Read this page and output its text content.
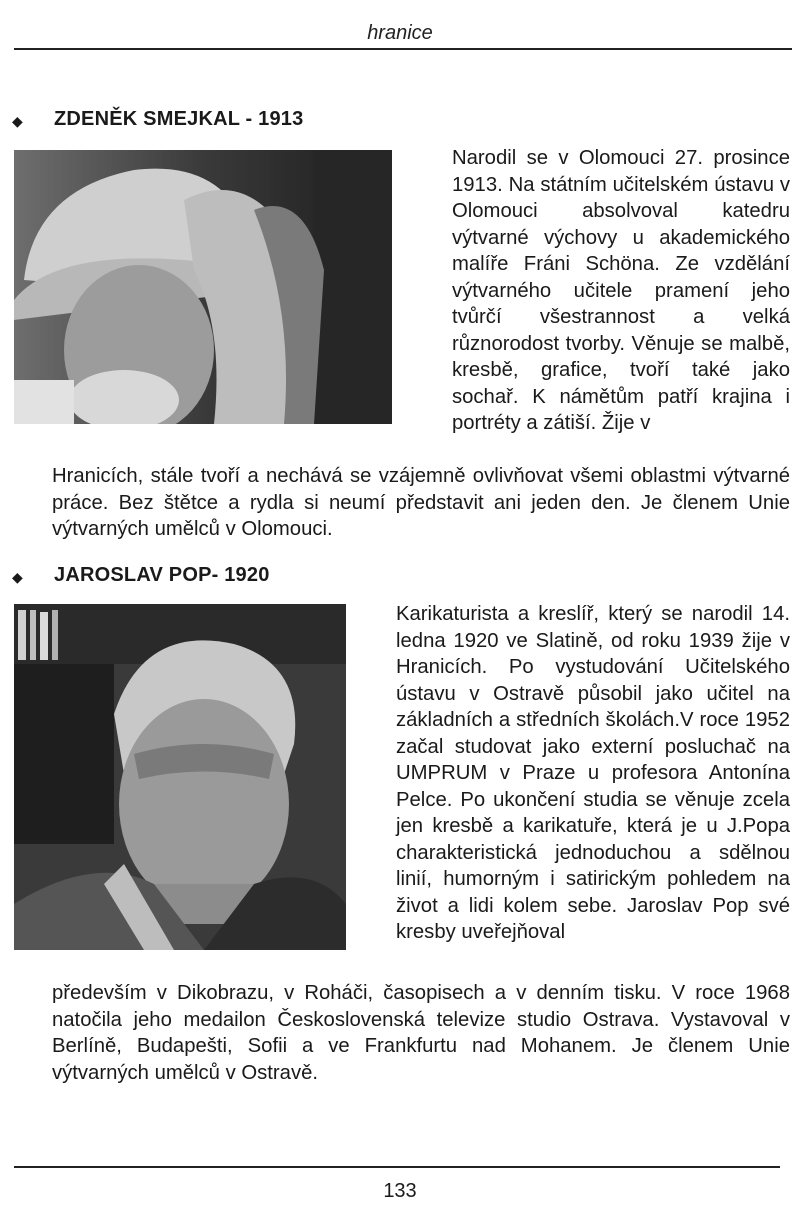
hranice
◆ ZDENĚK SMEJKAL - 1913

Narodil se v Olomouci 27. prosince 1913. Na státním učitelském ústavu v Olomouci absolvoval katedru výtvarné výchovy u akademického malíře Fráni Schöna. Ze vzdělání výtvarného učitele pramení jeho tvůrčí všestrannost a velká různorodost tvorby. Věnuje se malbě, kresbě, grafice, tvoří také jako sochař. K námětům patří krajina i portréty a zátiší. Žije v

Hranicích, stále tvoří a nechává se vzájemně ovlivňovat všemi oblastmi výtvarné práce. Bez štětce a rydla si neumí představit ani jeden den. Je členem Unie výtvarných umělců v Olomouci.

◆ JAROSLAV POP- 1920

Karikaturista a kreslíř, který se narodil 14. ledna 1920 ve Slatině, od roku 1939 žije v Hranicích. Po vystudování Učitelského ústavu v Ostravě působil jako učitel na základních a středních školách.V roce 1952 začal studovat jako externí posluchač na UMPRUM v Praze u profesora Antonína Pelce. Po ukončení studia se věnuje zcela jen kresbě a karikatuře, která je u J.Popa charakteristická jednoduchou a sdělnou linií, humorným i satirickým pohledem na život a lidi kolem sebe. Jaroslav Pop své kresby uveřejňoval

především v Dikobrazu, v Roháči, časopisech a v denním tisku. V roce 1968 natočila jeho medailon Československá televize studio Ostrava. Vystavoval v Berlíně, Budapešti, Sofii a ve Frankfurtu nad Mohanem. Je členem Unie výtvarných umělců v Ostravě.

133
